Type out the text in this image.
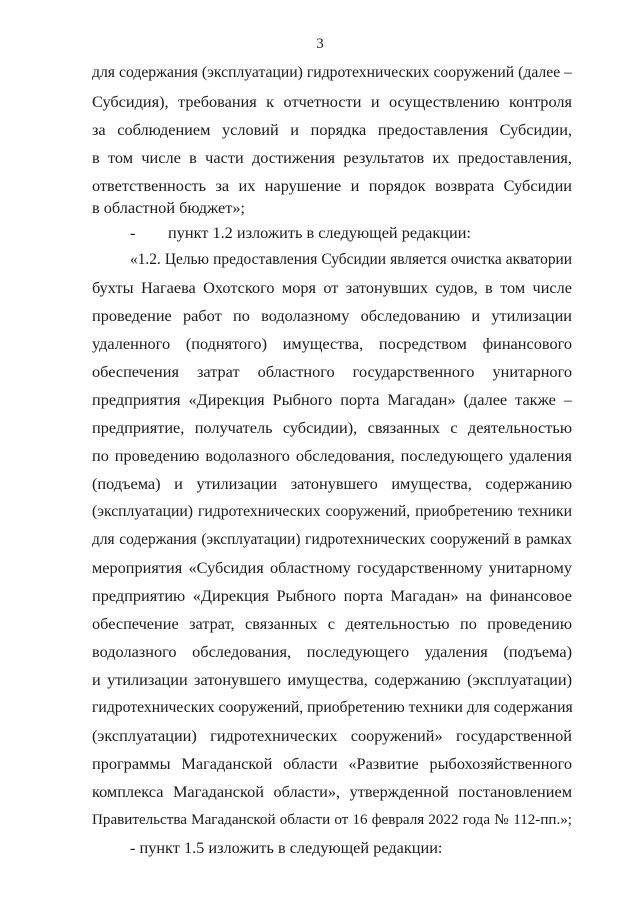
3
для содержания (эксплуатации) гидротехнических сооружений (далее –
Субсидия), требования к отчетности и осуществлению контроля
за соблюдением условий и порядка предоставления Субсидии,
в том числе в части достижения результатов их предоставления,
ответственность за их нарушение и порядок возврата Субсидии
в областной бюджет»;
- пункт 1.2 изложить в следующей редакции:
«1.2. Целью предоставления Субсидии является очистка акватории
бухты Нагаева Охотского моря от затонувших судов, в том числе
проведение работ по водолазному обследованию и утилизации
удаленного (поднятого) имущества, посредством финансового
обеспечения затрат областного государственного унитарного
предприятия «Дирекция Рыбного порта Магадан» (далее также –
предприятие, получатель субсидии), связанных с деятельностью
по проведению водолазного обследования, последующего удаления
(подъема) и утилизации затонувшего имущества, содержанию
(эксплуатации) гидротехнических сооружений, приобретению техники
для содержания (эксплуатации) гидротехнических сооружений в рамках
мероприятия «Субсидия областному государственному унитарному
предприятию «Дирекция Рыбного порта Магадан» на финансовое
обеспечение затрат, связанных с деятельностью по проведению
водолазного обследования, последующего удаления (подъема)
и утилизации затонувшего имущества, содержанию (эксплуатации)
гидротехнических сооружений, приобретению техники для содержания
(эксплуатации) гидротехнических сооружений» государственной
программы Магаданской области «Развитие рыбохозяйственного
комплекса Магаданской области», утвержденной постановлением
Правительства Магаданской области от 16 февраля 2022 года № 112-пп.»;
- пункт 1.5 изложить в следующей редакции:
